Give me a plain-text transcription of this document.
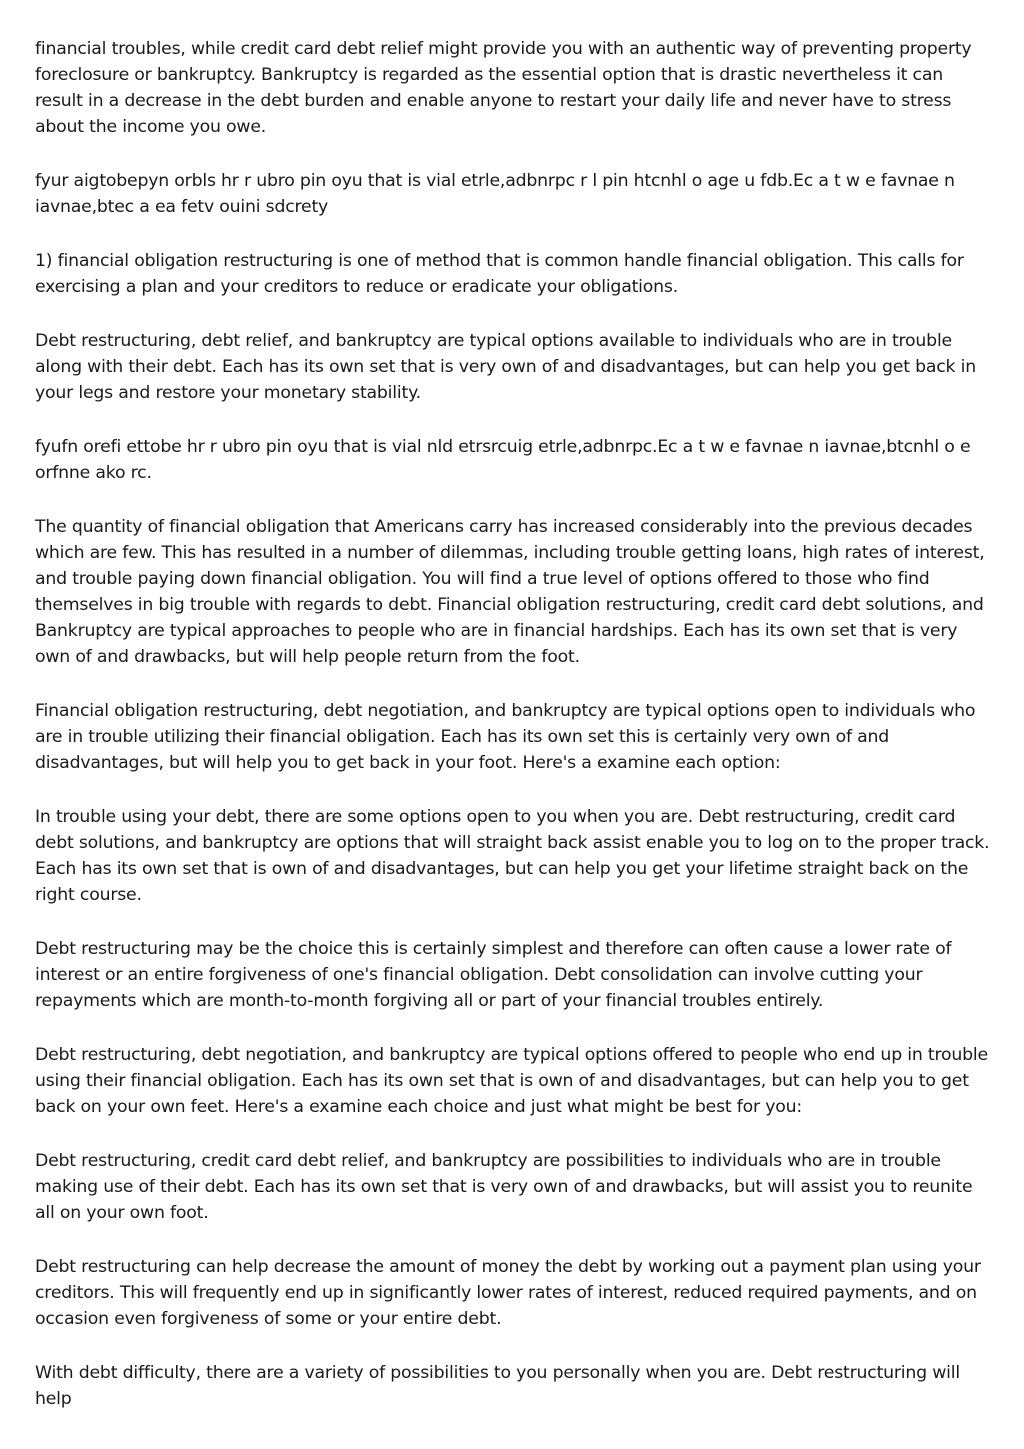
financial troubles, while credit card debt relief might provide you with an authentic way of preventing property foreclosure or bankruptcy. Bankruptcy is regarded as the essential option that is drastic nevertheless it can result in a decrease in the debt burden and enable anyone to restart your daily life and never have to stress about the income you owe.

fyur aigtobepyn orbls hr r ubro pin oyu that is vial etrle,adbnrpc r l pin htcnhl o age u fdb.Ec a t w e favnae n iavnae,btec a ea fetv ouini sdcrety

1) financial obligation restructuring is one of method that is common handle financial obligation. This calls for exercising a plan and your creditors to reduce or eradicate your obligations.

Debt restructuring, debt relief, and bankruptcy are typical options available to individuals who are in trouble along with their debt. Each has its own set that is very own of and disadvantages, but can help you get back in your legs and restore your monetary stability.

fyufn orefi ettobe hr r ubro pin oyu that is vial nld etrsrcuig etrle,adbnrpc.Ec a t w e favnae n iavnae,btcnhl o e orfnne ako rc.

The quantity of financial obligation that Americans carry has increased considerably into the previous decades which are few. This has resulted in a number of dilemmas, including trouble getting loans, high rates of interest, and trouble paying down financial obligation. You will find a true level of options offered to those who find themselves in big trouble with regards to debt. Financial obligation restructuring, credit card debt solutions, and Bankruptcy are typical approaches to people who are in financial hardships. Each has its own set that is very own of and drawbacks, but will help people return from the foot.

Financial obligation restructuring, debt negotiation, and bankruptcy are typical options open to individuals who are in trouble utilizing their financial obligation. Each has its own set this is certainly very own of and disadvantages, but will help you to get back in your foot. Here's a examine each option:

In trouble using your debt, there are some options open to you when you are. Debt restructuring, credit card debt solutions, and bankruptcy are options that will straight back assist enable you to log on to the proper track. Each has its own set that is own of and disadvantages, but can help you get your lifetime straight back on the right course.

Debt restructuring may be the choice this is certainly simplest and therefore can often cause a lower rate of interest or an entire forgiveness of one's financial obligation. Debt consolidation can involve cutting your repayments which are month-to-month forgiving all or part of your financial troubles entirely.

Debt restructuring, debt negotiation, and bankruptcy are typical options offered to people who end up in trouble using their financial obligation. Each has its own set that is own of and disadvantages, but can help you to get back on your own feet. Here's a examine each choice and just what might be best for you:

Debt restructuring, credit card debt relief, and bankruptcy are possibilities to individuals who are in trouble making use of their debt. Each has its own set that is very own of and drawbacks, but will assist you to reunite all on your own foot.

Debt restructuring can help decrease the amount of money the debt by working out a payment plan using your creditors. This will frequently end up in significantly lower rates of interest, reduced required payments, and on occasion even forgiveness of some or your entire debt.

With debt difficulty, there are a variety of possibilities to you personally when you are. Debt restructuring will help
